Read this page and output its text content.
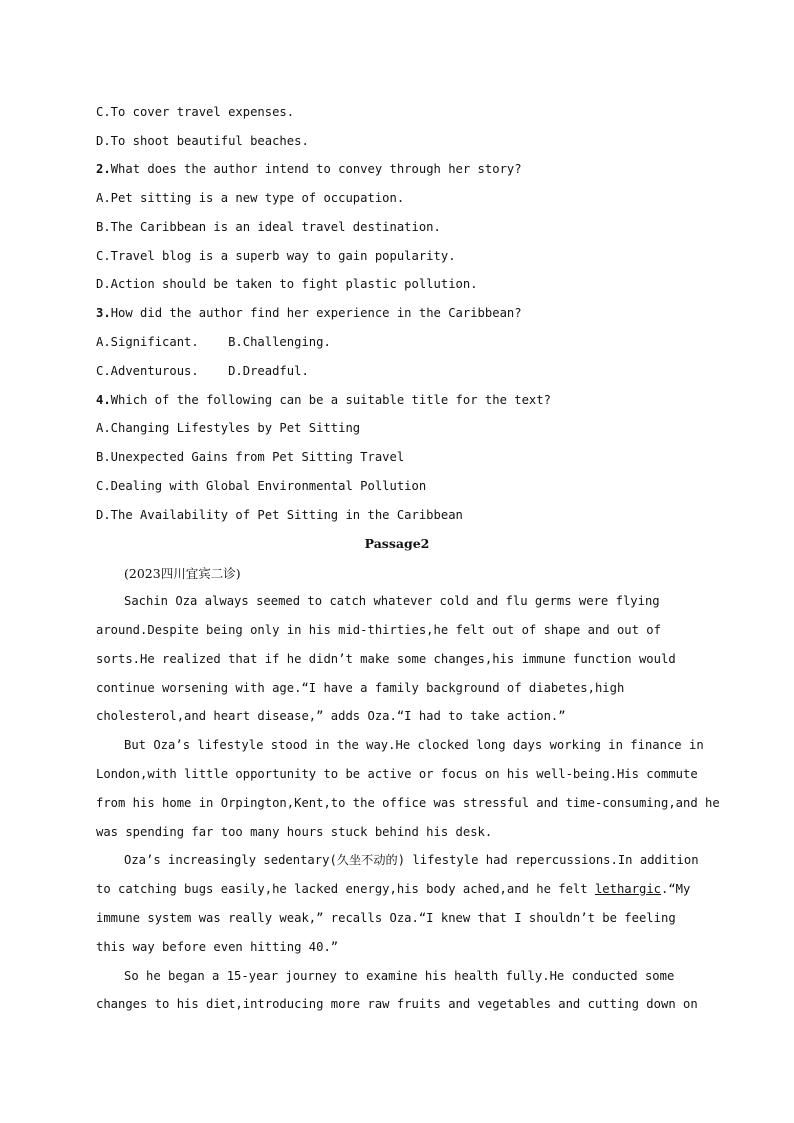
C.To cover travel expenses.
D.To shoot beautiful beaches.
2.What does the author intend to convey through her story?
A.Pet sitting is a new type of occupation.
B.The Caribbean is an ideal travel destination.
C.Travel blog is a superb way to gain popularity.
D.Action should be taken to fight plastic pollution.
3.How did the author find her experience in the Caribbean?
A.Significant.    B.Challenging.
C.Adventurous.    D.Dreadful.
4.Which of the following can be a suitable title for the text?
A.Changing Lifestyles by Pet Sitting
B.Unexpected Gains from Pet Sitting Travel
C.Dealing with Global Environmental Pollution
D.The Availability of Pet Sitting in the Caribbean
Passage2
(2023四川宜宾二诊)
Sachin Oza always seemed to catch whatever cold and flu germs were flying
around.Despite being only in his mid-thirties,he felt out of shape and out of
sorts.He realized that if he didn’t make some changes,his immune function would
continue worsening with age.“I have a family background of diabetes,high
cholesterol,and heart disease,” adds Oza.“I had to take action.”
But Oza’s lifestyle stood in the way.He clocked long days working in finance in
London,with little opportunity to be active or focus on his well-being.His commute
from his home in Orpington,Kent,to the office was stressful and time-consuming,and he
was spending far too many hours stuck behind his desk.
Oza’s increasingly sedentary(久坐不动的) lifestyle had repercussions.In addition
to catching bugs easily,he lacked energy,his body ached,and he felt lethargic.“My
immune system was really weak,” recalls Oza.“I knew that I shouldn’t be feeling
this way before even hitting 40.”
So he began a 15-year journey to examine his health fully.He conducted some
changes to his diet,introducing more raw fruits and vegetables and cutting down on
